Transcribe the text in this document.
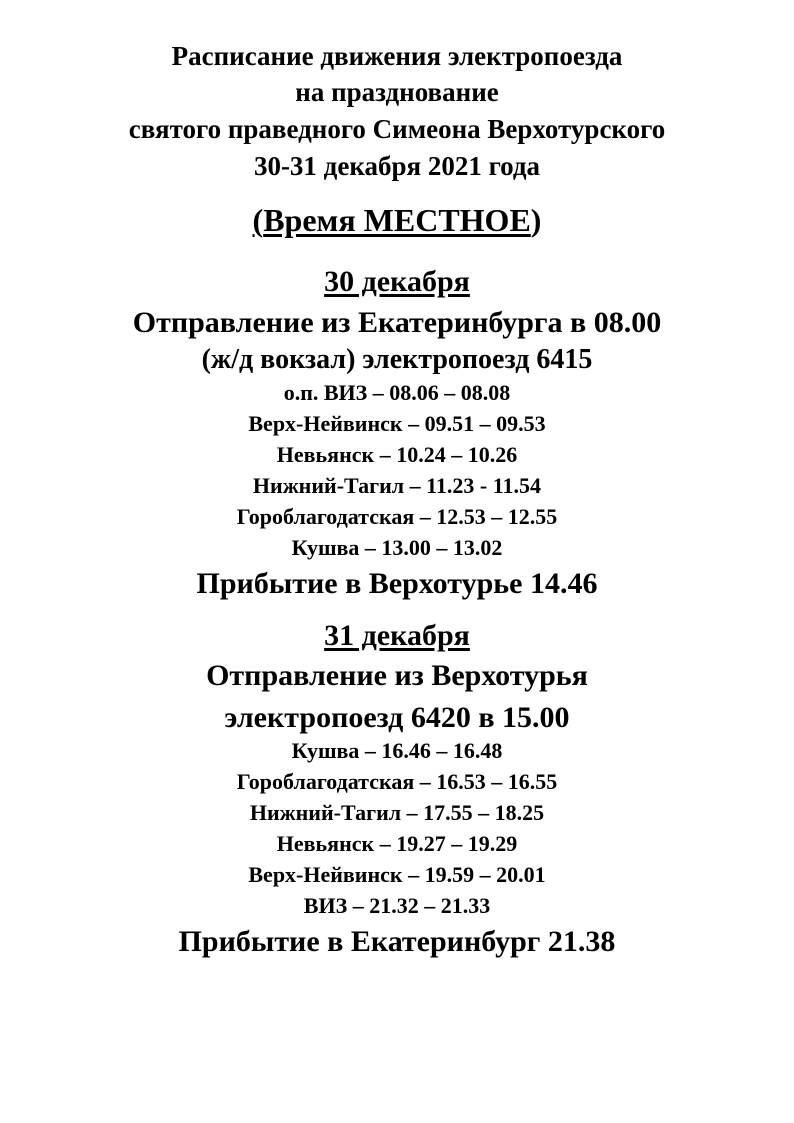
Расписание движения электропоезда
на празднование
святого праведного Симеона Верхотурского
30-31 декабря 2021 года
(Время МЕСТНОЕ)
30 декабря
Отправление из Екатеринбурга в 08.00
(ж/д вокзал) электропоезд 6415
о.п. ВИЗ – 08.06 – 08.08
Верх-Нейвинск – 09.51 – 09.53
Невьянск – 10.24 – 10.26
Нижний-Тагил – 11.23 - 11.54
Гороблагодатская – 12.53 – 12.55
Кушва – 13.00 – 13.02
Прибытие в Верхотурье 14.46
31 декабря
Отправление из Верхотурья
электропоезд 6420 в 15.00
Кушва – 16.46 – 16.48
Гороблагодатская – 16.53 – 16.55
Нижний-Тагил – 17.55 – 18.25
Невьянск – 19.27 – 19.29
Верх-Нейвинск – 19.59 – 20.01
ВИЗ – 21.32 – 21.33
Прибытие в Екатеринбург 21.38
